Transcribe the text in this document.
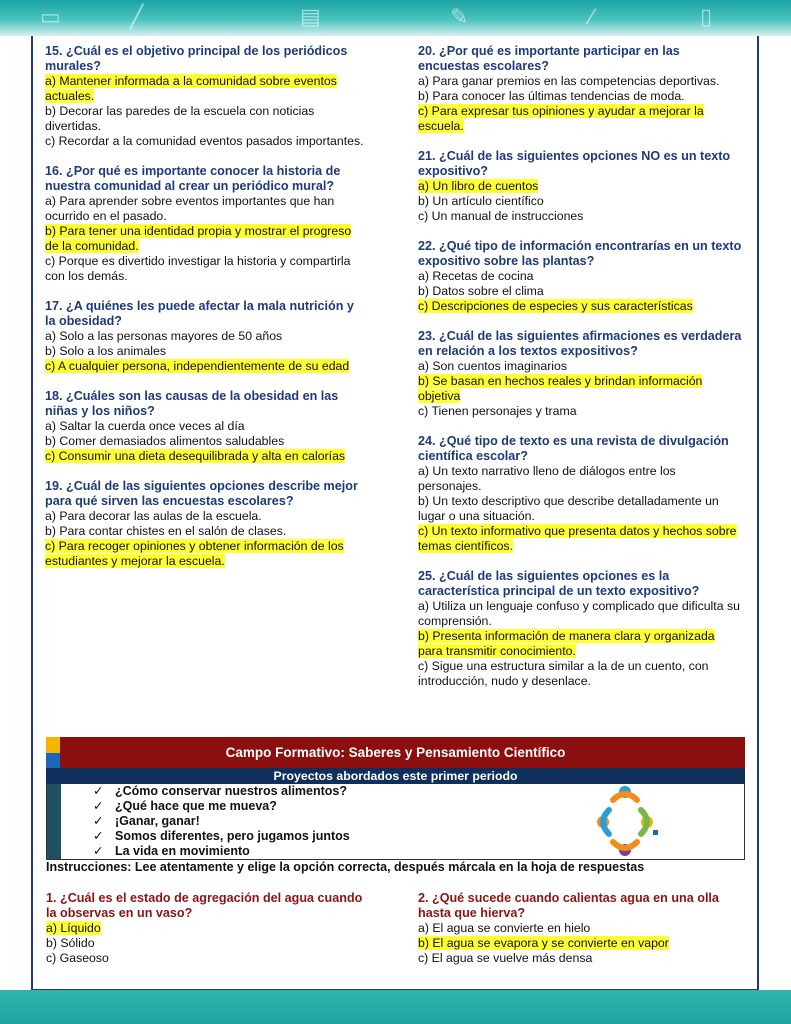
▭	╱	▤	✎	⁄	▯
15. ¿Cuál es el objetivo principal de los periódicos murales?
a) Mantener informada a la comunidad sobre eventos actuales.
b) Decorar las paredes de la escuela con noticias divertidas.
c) Recordar a la comunidad eventos pasados importantes.
16. ¿Por qué es importante conocer la historia de nuestra comunidad al crear un periódico mural?
a) Para aprender sobre eventos importantes que han ocurrido en el pasado.
b) Para tener una identidad propia y mostrar el progreso de la comunidad.
c) Porque es divertido investigar la historia y compartirla con los demás.
17. ¿A quiénes les puede afectar la mala nutrición y la obesidad?
a) Solo a las personas mayores de 50 años
b) Solo a los animales
c) A cualquier persona, independientemente de su edad
18. ¿Cuáles son las causas de la obesidad en las niñas y los niños?
a) Saltar la cuerda once veces al día
b) Comer demasiados alimentos saludables
c) Consumir una dieta desequilibrada y alta en calorías
19. ¿Cuál de las siguientes opciones describe mejor para qué sirven las encuestas escolares?
a) Para decorar las aulas de la escuela.
b) Para contar chistes en el salón de clases.
c) Para recoger opiniones y obtener información de los estudiantes y mejorar la escuela.
20. ¿Por qué es importante participar en las encuestas escolares?
a) Para ganar premios en las competencias deportivas.
b) Para conocer las últimas tendencias de moda.
c) Para expresar tus opiniones y ayudar a mejorar la escuela.
21. ¿Cuál de las siguientes opciones NO es un texto expositivo?
a) Un libro de cuentos
b) Un artículo científico
c) Un manual de instrucciones
22. ¿Qué tipo de información encontrarías en un texto expositivo sobre las plantas?
a) Recetas de cocina
b) Datos sobre el clima
c) Descripciones de especies y sus características
23. ¿Cuál de las siguientes afirmaciones es verdadera en relación a los textos expositivos?
a) Son cuentos imaginarios
b) Se basan en hechos reales y brindan información objetiva
c) Tienen personajes y trama
24. ¿Qué tipo de texto es una revista de divulgación científica escolar?
a) Un texto narrativo lleno de diálogos entre los personajes.
b) Un texto descriptivo que describe detalladamente un lugar o una situación.
c) Un texto informativo que presenta datos y hechos sobre temas científicos.
25. ¿Cuál de las siguientes opciones es la característica principal de un texto expositivo?
a) Utiliza un lenguaje confuso y complicado que dificulta su comprensión.
b) Presenta información de manera clara y organizada para transmitir conocimiento.
c) Sigue una estructura similar a la de un cuento, con introducción, nudo y desenlace.
Campo Formativo: Saberes y Pensamiento Científico
Proyectos abordados este primer periodo
✓ ¿Cómo conservar nuestros alimentos?
✓ ¿Qué hace que me mueva?
✓ ¡Ganar, ganar!
✓ Somos diferentes, pero jugamos juntos
✓ La vida en movimiento
Instrucciones: Lee atentamente y elige la opción correcta, después márcala en la hoja de respuestas
1. ¿Cuál es el estado de agregación del agua cuando la observas en un vaso?
a) Líquido
b) Sólido
c) Gaseoso
2. ¿Qué sucede cuando calientas agua en una olla hasta que hierva?
a) El agua se convierte en hielo
b) El agua se evapora y se convierte en vapor
c) El agua se vuelve más densa
